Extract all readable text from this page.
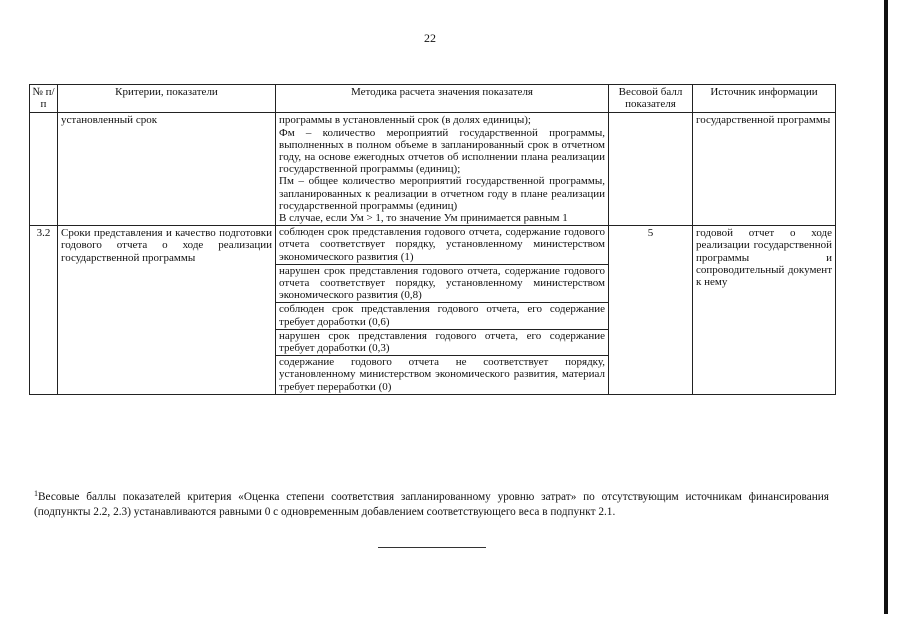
22
№ п/п	Критерии, показатели	Методика расчета значения показателя	Весовой балл показателя	Источник информации
	установленный срок	программы в установленный срок (в долях единицы);
Фм – количество мероприятий государственной программы, выполненных в полном объеме в запланированный срок в отчетном году, на основе ежегодных отчетов об исполнении плана реализации государственной программы (единиц);
Пм – общее количество мероприятий государственной программы, запланированных к реализации в отчетном году в плане реализации государственной программы (единиц)
В случае, если Ум > 1, то значение Ум принимается равным 1		государственной программы
3.2	Сроки представления и качество подготовки годового отчета о ходе реализации государственной программы	соблюден срок представления годового отчета, содержание годового отчета соответствует порядку, установленному министерством экономического развития (1)
нарушен срок представления годового отчета, содержание годового отчета соответствует порядку, установленному министерством экономического развития (0,8)
соблюден срок представления годового отчета, его содержание требует доработки (0,6)
нарушен срок представления годового отчета, его содержание требует доработки (0,3)
содержание годового отчета не соответствует порядку, установленному министерством экономического развития, материал требует переработки (0)	5	годовой отчет о ходе реализации государственной программы и сопроводительный документ к нему
$^1$Весовые баллы показателей критерия «Оценка степени соответствия запланированному уровню затрат» по отсутствующим источникам финансирования (подпункты 2.2, 2.3) устанавливаются равными 0 с одновременным добавлением соответствующего веса в подпункт 2.1.
